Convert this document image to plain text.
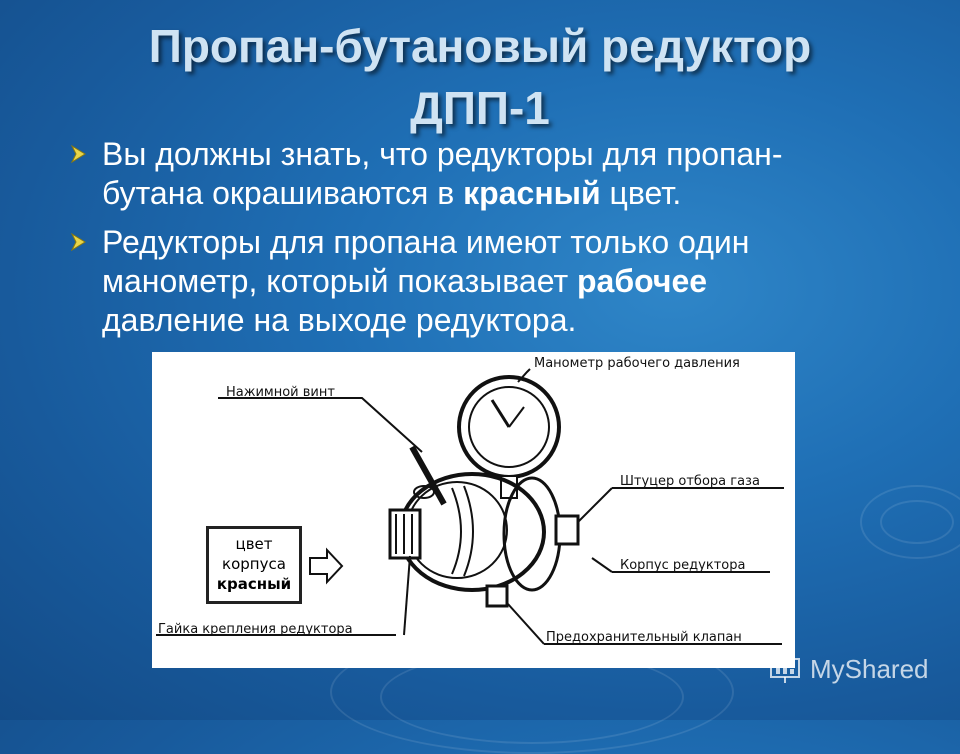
Пропан-бутановый редуктор
ДПП-1
Вы должны знать, что редукторы для пропан-
бутана окрашиваются в красный цвет.
Редукторы для пропана имеют только один
манометр, который показывает рабочее
давление на выходе редуктора.
Манометр рабочего давления
Нажимной винт
Штуцер отбора газа
Корпус редуктора
Гайка крепления редуктора
Предохранительный клапан
цвет
корпуса
красный
MyShared
